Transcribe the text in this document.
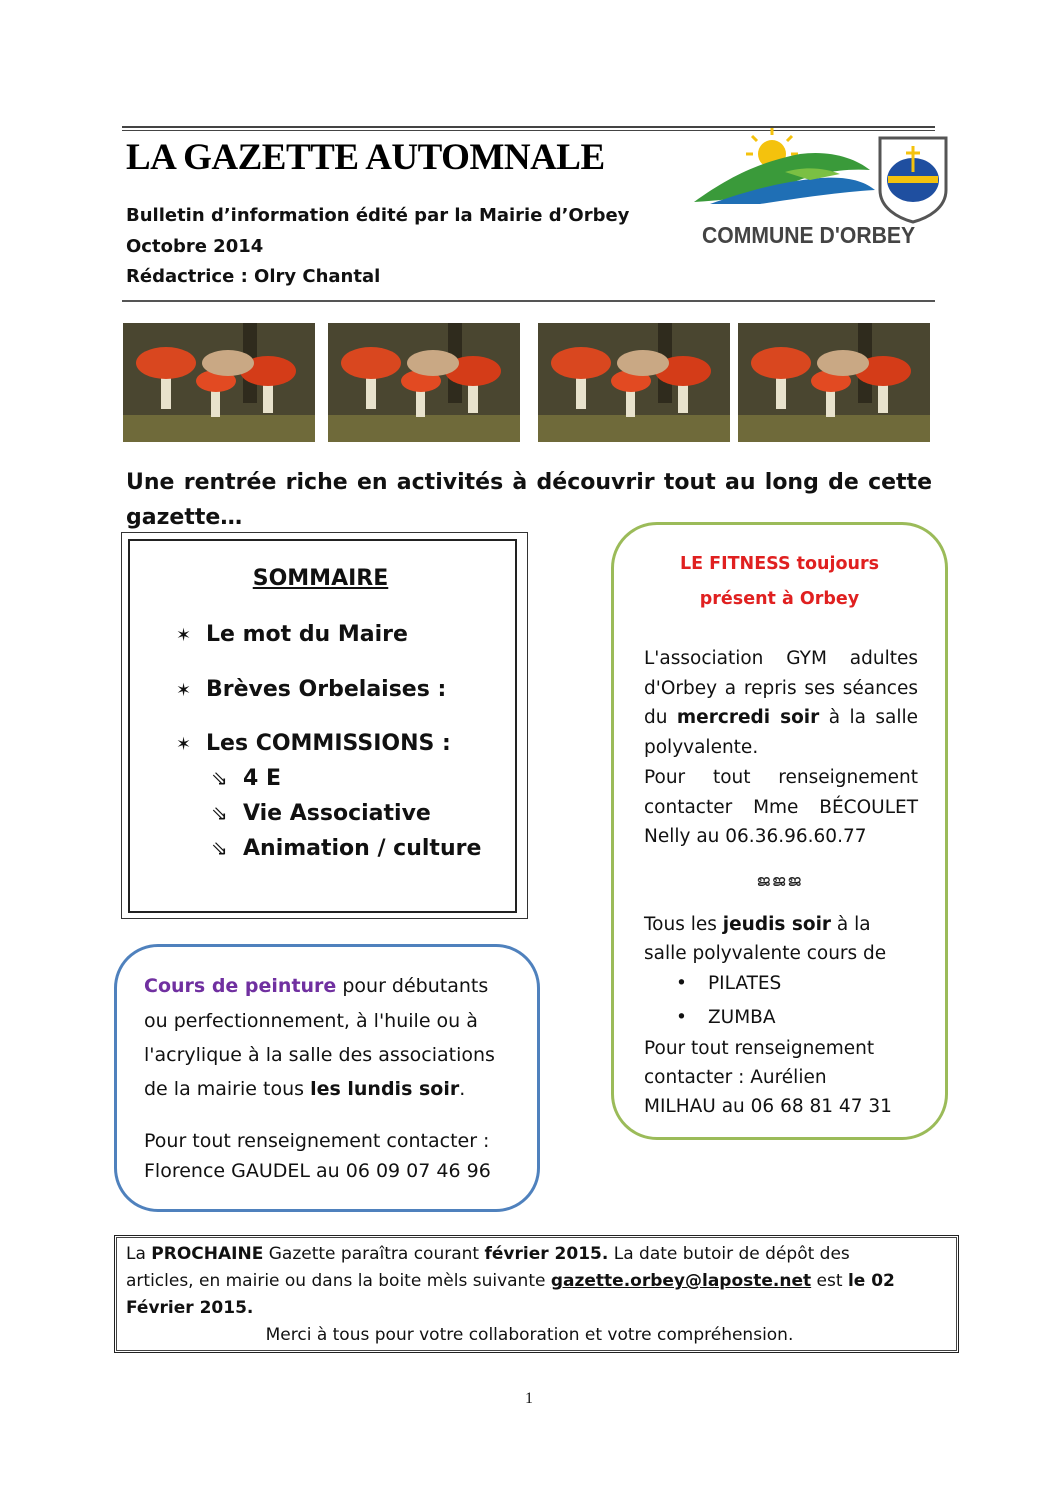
LA GAZETTE AUTOMNALE
Bulletin d’information édité par la Mairie d’Orbey
Octobre 2014
Rédactrice : Olry Chantal
COMMUNE D'ORBEY
Une rentrée riche en activités à découvrir tout au long de cette gazette…
SOMMAIRE
✶ Le mot du Maire
✶ Brèves Orbelaises :
✶ Les COMMISSIONS :
⇘ 4 E
⇘ Vie Associative
⇘ Animation / culture
LE FITNESS toujours
présent à Orbey
L'association GYM adultes d'Orbey a repris ses séances du mercredi soir à la salle polyvalente.
Pour tout renseignement contacter Mme BÉCOULET Nelly au 06.36.96.60.77
ജജജ
Tous les jeudis soir à la
salle polyvalente cours de
• PILATES
• ZUMBA
Pour tout renseignement
contacter : Aurélien
MILHAU au 06 68 81 47 31
Cours de peinture pour débutants
ou perfectionnement, à l'huile ou à
l'acrylique à la salle des associations
de la mairie tous les lundis soir.
Pour tout renseignement contacter :
Florence GAUDEL au 06 09 07 46 96
La PROCHAINE Gazette paraîtra courant février 2015. La date butoir de dépôt des
articles, en mairie ou dans la boite mèls suivante gazette.orbey@laposte.net est le 02
Février 2015.
Merci à tous pour votre collaboration et votre compréhension.
1
